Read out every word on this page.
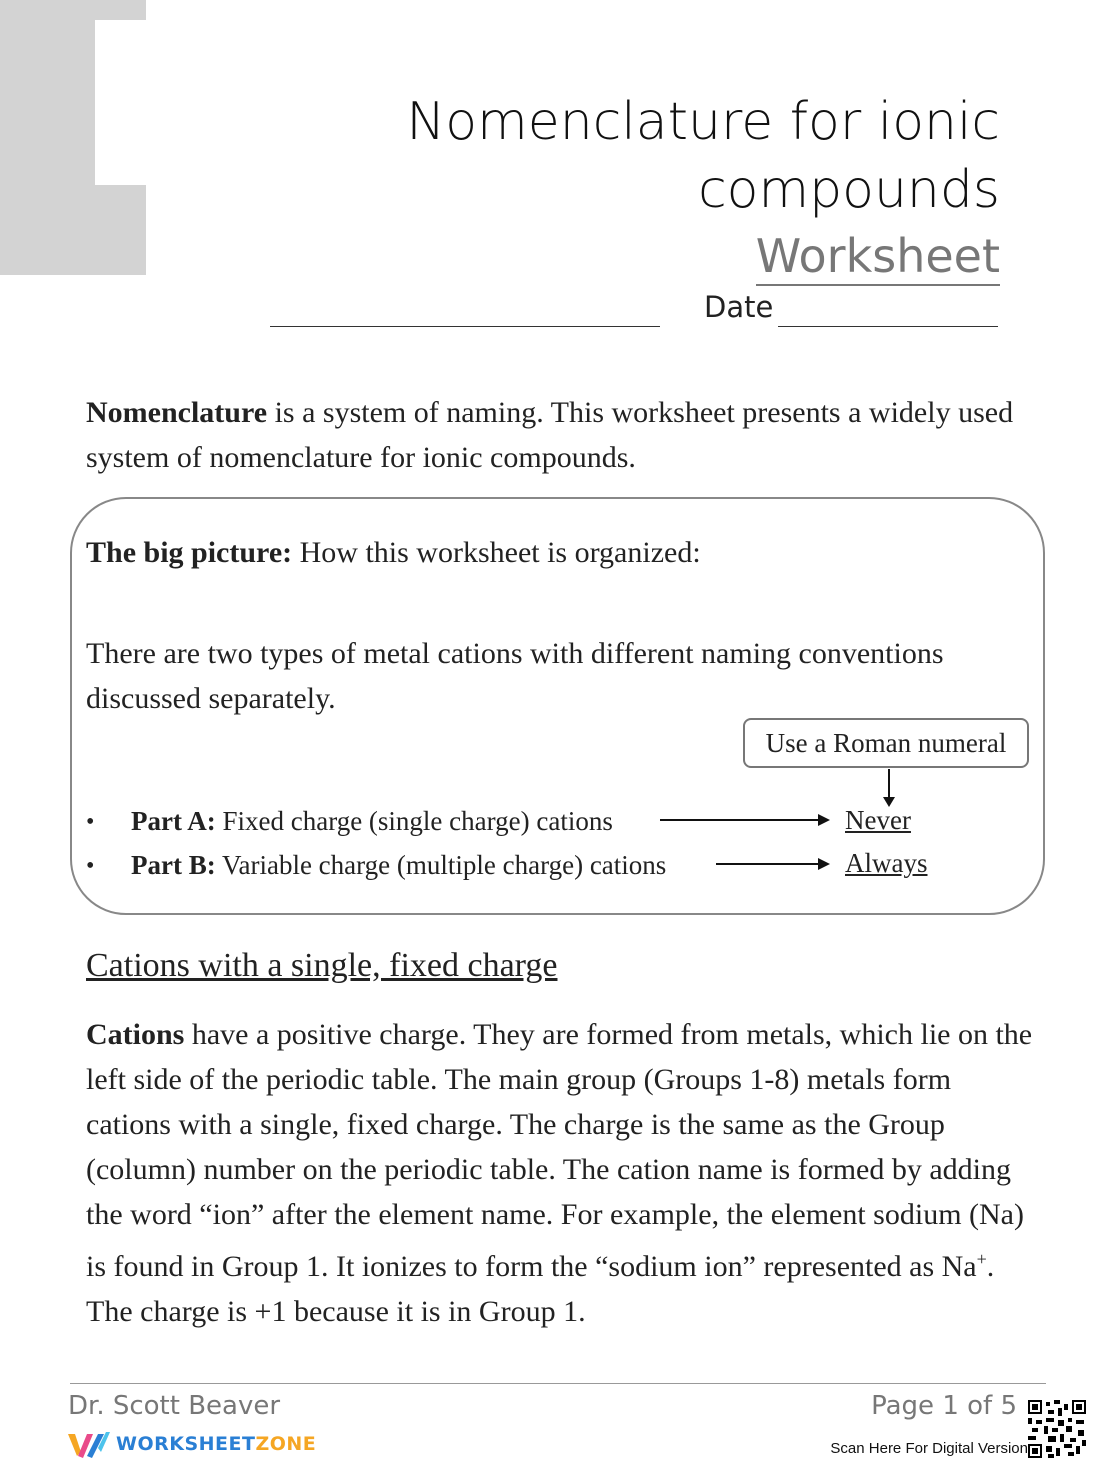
Nomenclature for ionic
compounds
Worksheet
Date
Nomenclature is a system of naming. This worksheet presents a widely used system of nomenclature for ionic compounds.
The big picture: How this worksheet is organized:
There are two types of metal cations with different naming conventions discussed separately.
Use a Roman numeral
• Part A: Fixed charge (single charge) cations	Never
• Part B: Variable charge (multiple charge) cations	Always
Cations with a single, fixed charge
Cations have a positive charge. They are formed from metals, which lie on the left side of the periodic table. The main group (Groups 1-8) metals form cations with a single, fixed charge. The charge is the same as the Group (column) number on the periodic table. The cation name is formed by adding the word “ion” after the element name. For example, the element sodium (Na) is found in Group 1. It ionizes to form the “sodium ion” represented as Na+. The charge is +1 because it is in Group 1.
Dr. Scott Beaver	Page 1 of 5
WORKSHEETZONE	Scan Here For Digital Version
